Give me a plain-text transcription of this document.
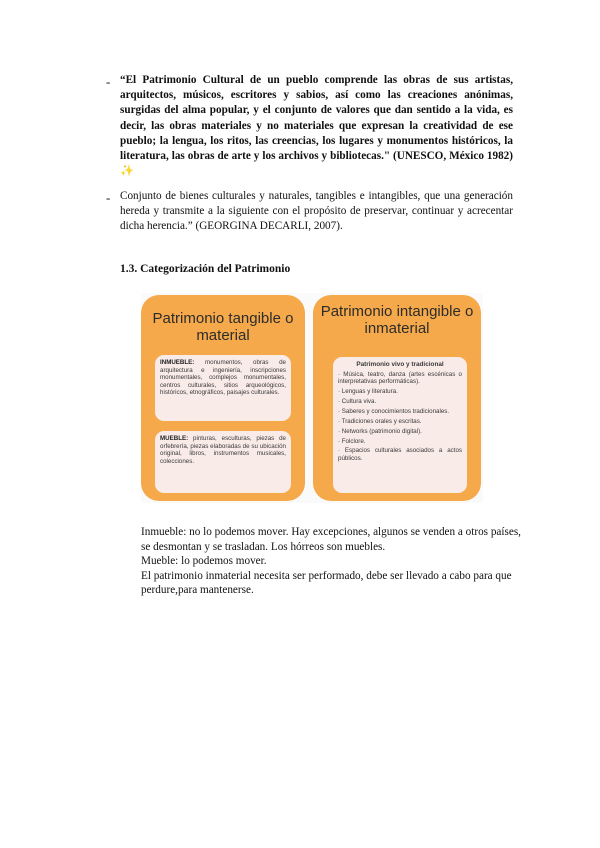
- “El Patrimonio Cultural de un pueblo comprende las obras de sus artistas, arquitectos, músicos, escritores y sabios, así como las creaciones anónimas, surgidas del alma popular, y el conjunto de valores que dan sentido a la vida, es decir, las obras materiales y no materiales que expresan la creatividad de ese pueblo; la lengua, los ritos, las creencias, los lugares y monumentos históricos, la literatura, las obras de arte y los archivos y bibliotecas." (UNESCO, México 1982) ✨
- Conjunto de bienes culturales y naturales, tangibles e intangibles, que una generación hereda y transmite a la siguiente con el propósito de preservar, continuar y acrecentar dicha herencia.” (GEORGINA DECARLI, 2007).
1.3. Categorización del Patrimonio
Patrimonio tangible o material
INMUEBLE: monumentos, obras de arquitectura e ingeniería, inscripciones monumentales, complejos monumentales, centros culturales, sitios arqueológicos, históricos, etnográficos, paisajes culturales.
MUEBLE: pinturas, esculturas, piezas de orfebrería, piezas elaboradas de su ubicación original, libros, instrumentos musicales, colecciones.
Patrimonio intangible o inmaterial
Patrimonio vivo y tradicional
· Música, teatro, danza (artes escénicas o interpretativas performáticas).
· Lenguas y literatura.
· Cultura viva.
· Saberes y conocimientos tradicionales.
· Tradiciones orales y escritas.
· Networks (patrimonio digital).
· Folclore.
· Espacios culturales asociados a actos públicos.
Inmueble: no lo podemos mover. Hay excepciones, algunos se venden a otros países, se desmontan y se trasladan. Los hórreos son muebles.
Mueble: lo podemos mover.
El patrimonio inmaterial necesita ser performado, debe ser llevado a cabo para que perdure,para mantenerse.
